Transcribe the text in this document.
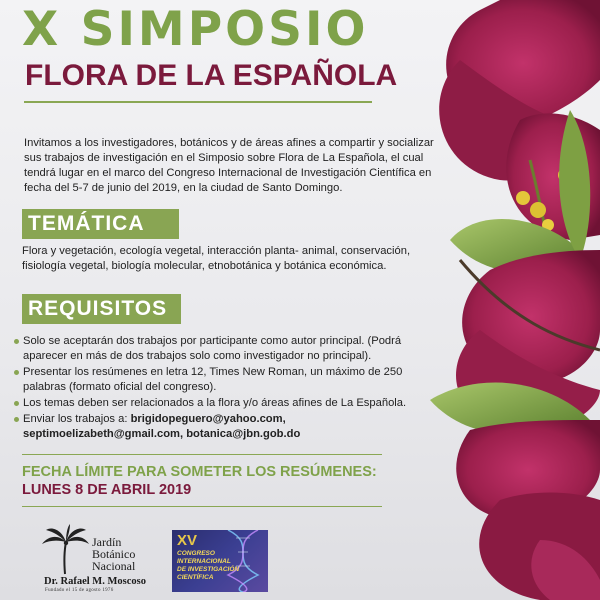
X SIMPOSIO
FLORA DE LA ESPAÑOLA
Invitamos a los investigadores, botánicos y de áreas afines a compartir y socializar sus trabajos de investigación en el Simposio sobre Flora de La Española, el cual tendrá lugar en el marco del Congreso Internacional de Investigación Científica en fecha del 5-7 de junio del 2019, en la ciudad de Santo Domingo.
TEMÁTICA
Flora y vegetación, ecología vegetal, interacción planta- animal, conservación, fisiología vegetal, biología molecular, etnobotánica y botánica económica.
REQUISITOS
Solo se aceptarán dos trabajos por participante como autor principal. (Podrá aparecer en más de dos trabajos solo como investigador no principal).
Presentar los resúmenes en letra 12, Times New Roman, un máximo de 250 palabras (formato oficial del congreso).
Los temas deben ser relacionados a la flora y/o áreas afines de La Española.
Enviar los trabajos a: brigidopeguero@yahoo.com,
septimoelizabeth@gmail.com, botanica@jbn.gob.do
FECHA LÍMITE PARA SOMETER LOS RESÚMENES:
LUNES 8 DE ABRIL 2019
Jardín
Botánico
Nacional
Dr. Rafael M. Moscoso
Fundado el 15 de agosto 1976
XV
CONGRESO
INTERNACIONAL
DE INVESTIGACIÓN
CIENTÍFICA
